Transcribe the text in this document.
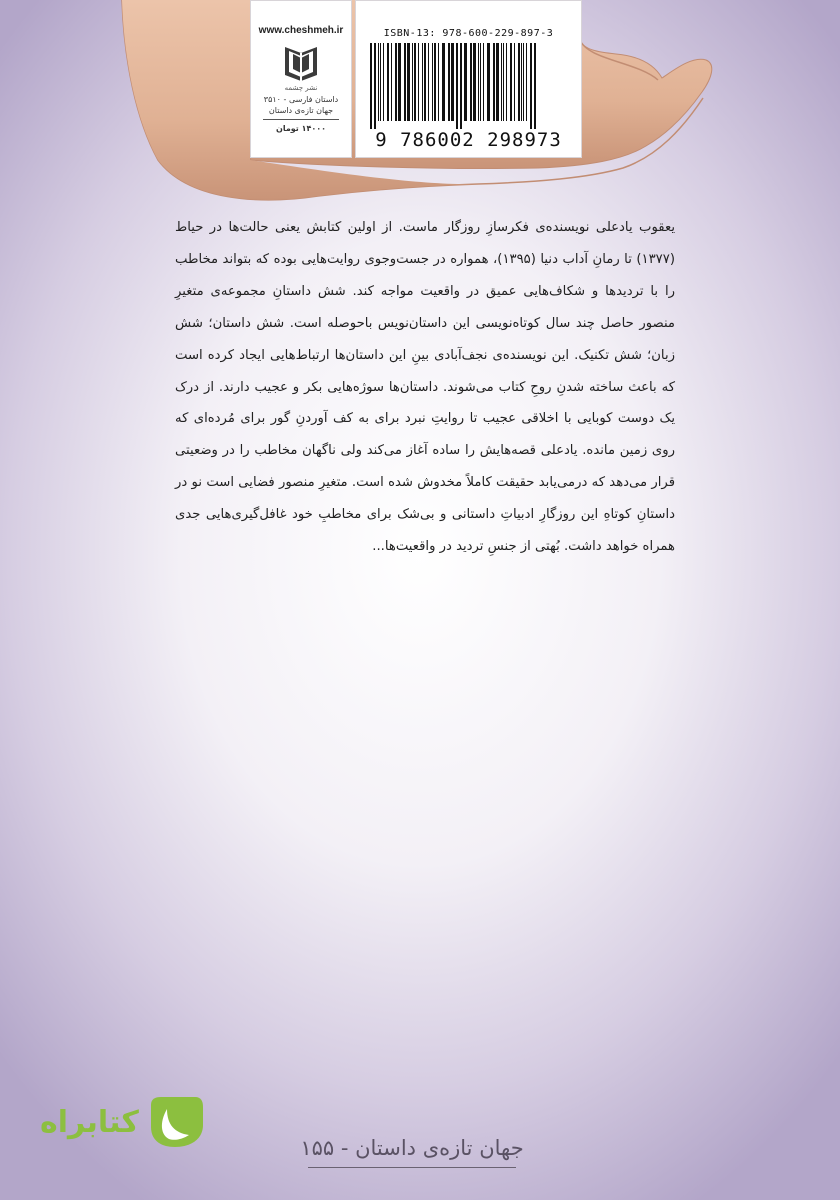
www.cheshmeh.ir
نشر چشمه
داستان فارسی - ۳۵۱۰
جهان تازه‌ی داستان
۱۴۰۰۰ تومان
ISBN-13: 978-600-229-897-3
9 786002 298973
یعقوب یادعلی نویسنده‌ی فکرسازِ روزگار ماست. از اولین کتابش یعنی حالت‌ها در حیاط (۱۳۷۷) تا رمانِ آداب دنیا (۱۳۹۵)، همواره در جست‌وجوی روایت‌هایی بوده که بتواند مخاطب را با تردیدها و شکاف‌هایی عمیق در واقعیت مواجه کند. شش داستانِ مجموعه‌ی متغیرِ منصور حاصل چند سال کوتاه‌نویسی این داستان‌نویس باحوصله است. شش داستان؛ شش زبان؛ شش تکنیک. این نویسنده‌ی نجف‌آبادی بینِ این داستان‌ها ارتباط‌هایی ایجاد کرده است که باعث ساخته شدنِ روحِ کتاب می‌شوند. داستان‌ها سوژه‌هایی بکر و عجیب دارند. از درک یک دوست کوبایی با اخلاقی عجیب تا روایتِ نبرد برای به کف آوردنِ گور برای مُرده‌ای که روی زمین مانده. یادعلی قصه‌هایش را ساده آغاز می‌کند ولی ناگهان مخاطب را در وضعیتی قرار می‌دهد که درمی‌یابد حقیقت کاملاً مخدوش شده است. متغیرِ منصور فضایی است نو در داستانِ کوتاهِ این روزگارِ ادبیاتِ داستانی و بی‌شک برای مخاطبِ خود غافل‌گیری‌هایی جدی همراه خواهد داشت. بُهتی از جنسِ تردید در واقعیت‌ها...
کتابراه
جهان تازه‌ی داستان - ۱۵۵
